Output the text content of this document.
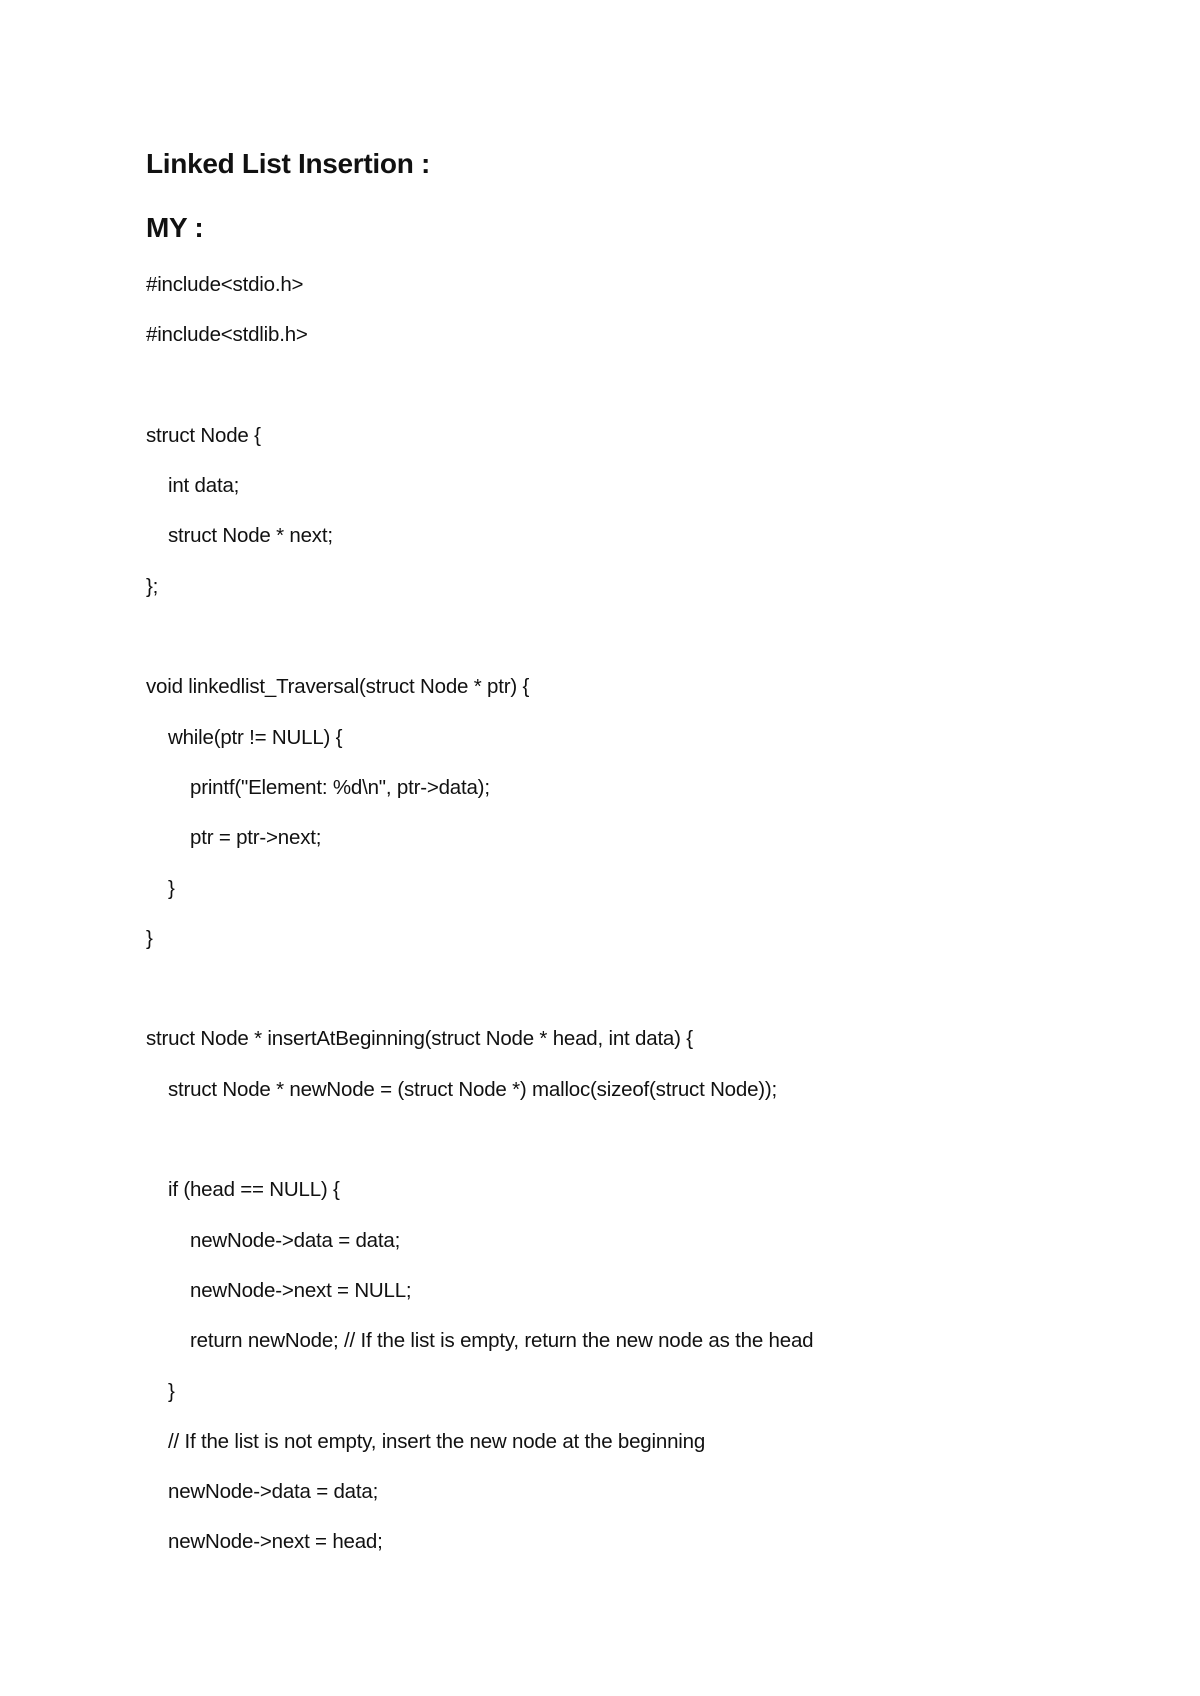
Linked List Insertion :
MY :
#include<stdio.h>
#include<stdlib.h>
struct Node {
int data;
struct Node * next;
};
void linkedlist_Traversal(struct Node * ptr) {
while(ptr != NULL) {
printf("Element: %d\n", ptr->data);
ptr = ptr->next;
}
}
struct Node * insertAtBeginning(struct Node * head, int data) {
struct Node * newNode = (struct Node *) malloc(sizeof(struct Node));
if (head == NULL) {
newNode->data = data;
newNode->next = NULL;
return newNode; // If the list is empty, return the new node as the head
}
// If the list is not empty, insert the new node at the beginning
newNode->data = data;
newNode->next = head;
